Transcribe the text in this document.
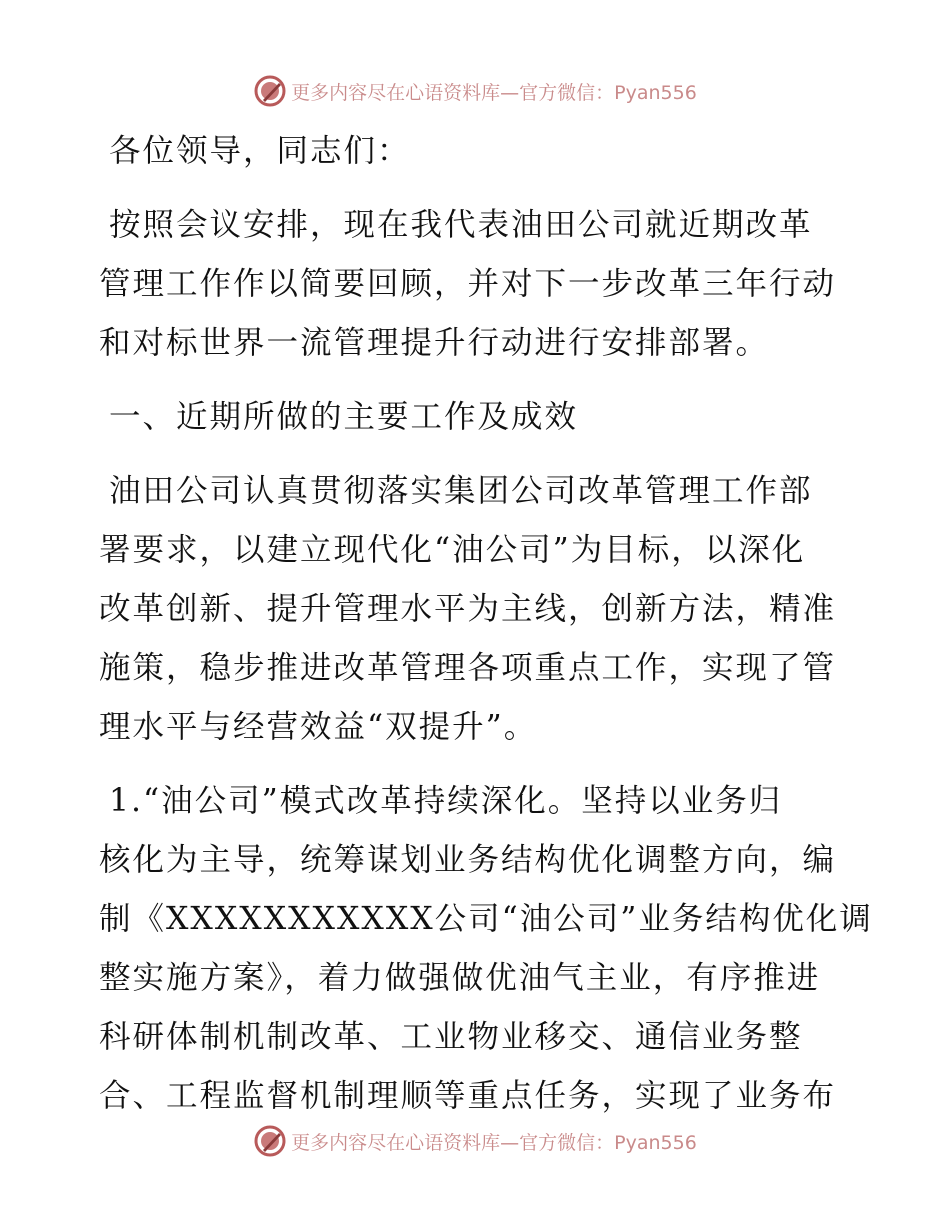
更多内容尽在心语资料库—官方微信：Pyan556

各位领导，同志们：

按照会议安排，现在我代表油田公司就近期改革
管理工作作以简要回顾，并对下一步改革三年行动
和对标世界一流管理提升行动进行安排部署。

一、近期所做的主要工作及成效

油田公司认真贯彻落实集团公司改革管理工作部
署要求，以建立现代化“油公司”为目标，以深化
改革创新、提升管理水平为主线，创新方法，精准
施策，稳步推进改革管理各项重点工作，实现了管
理水平与经营效益“双提升”。

1.“油公司”模式改革持续深化。坚持以业务归
核化为主导，统筹谋划业务结构优化调整方向，编
制《XXXXXXXXXXX公司“油公司”业务结构优化调
整实施方案》，着力做强做优油气主业，有序推进
科研体制机制改革、工业物业移交、通信业务整
合、工程监督机制理顺等重点任务，实现了业务布

更多内容尽在心语资料库—官方微信：Pyan556
